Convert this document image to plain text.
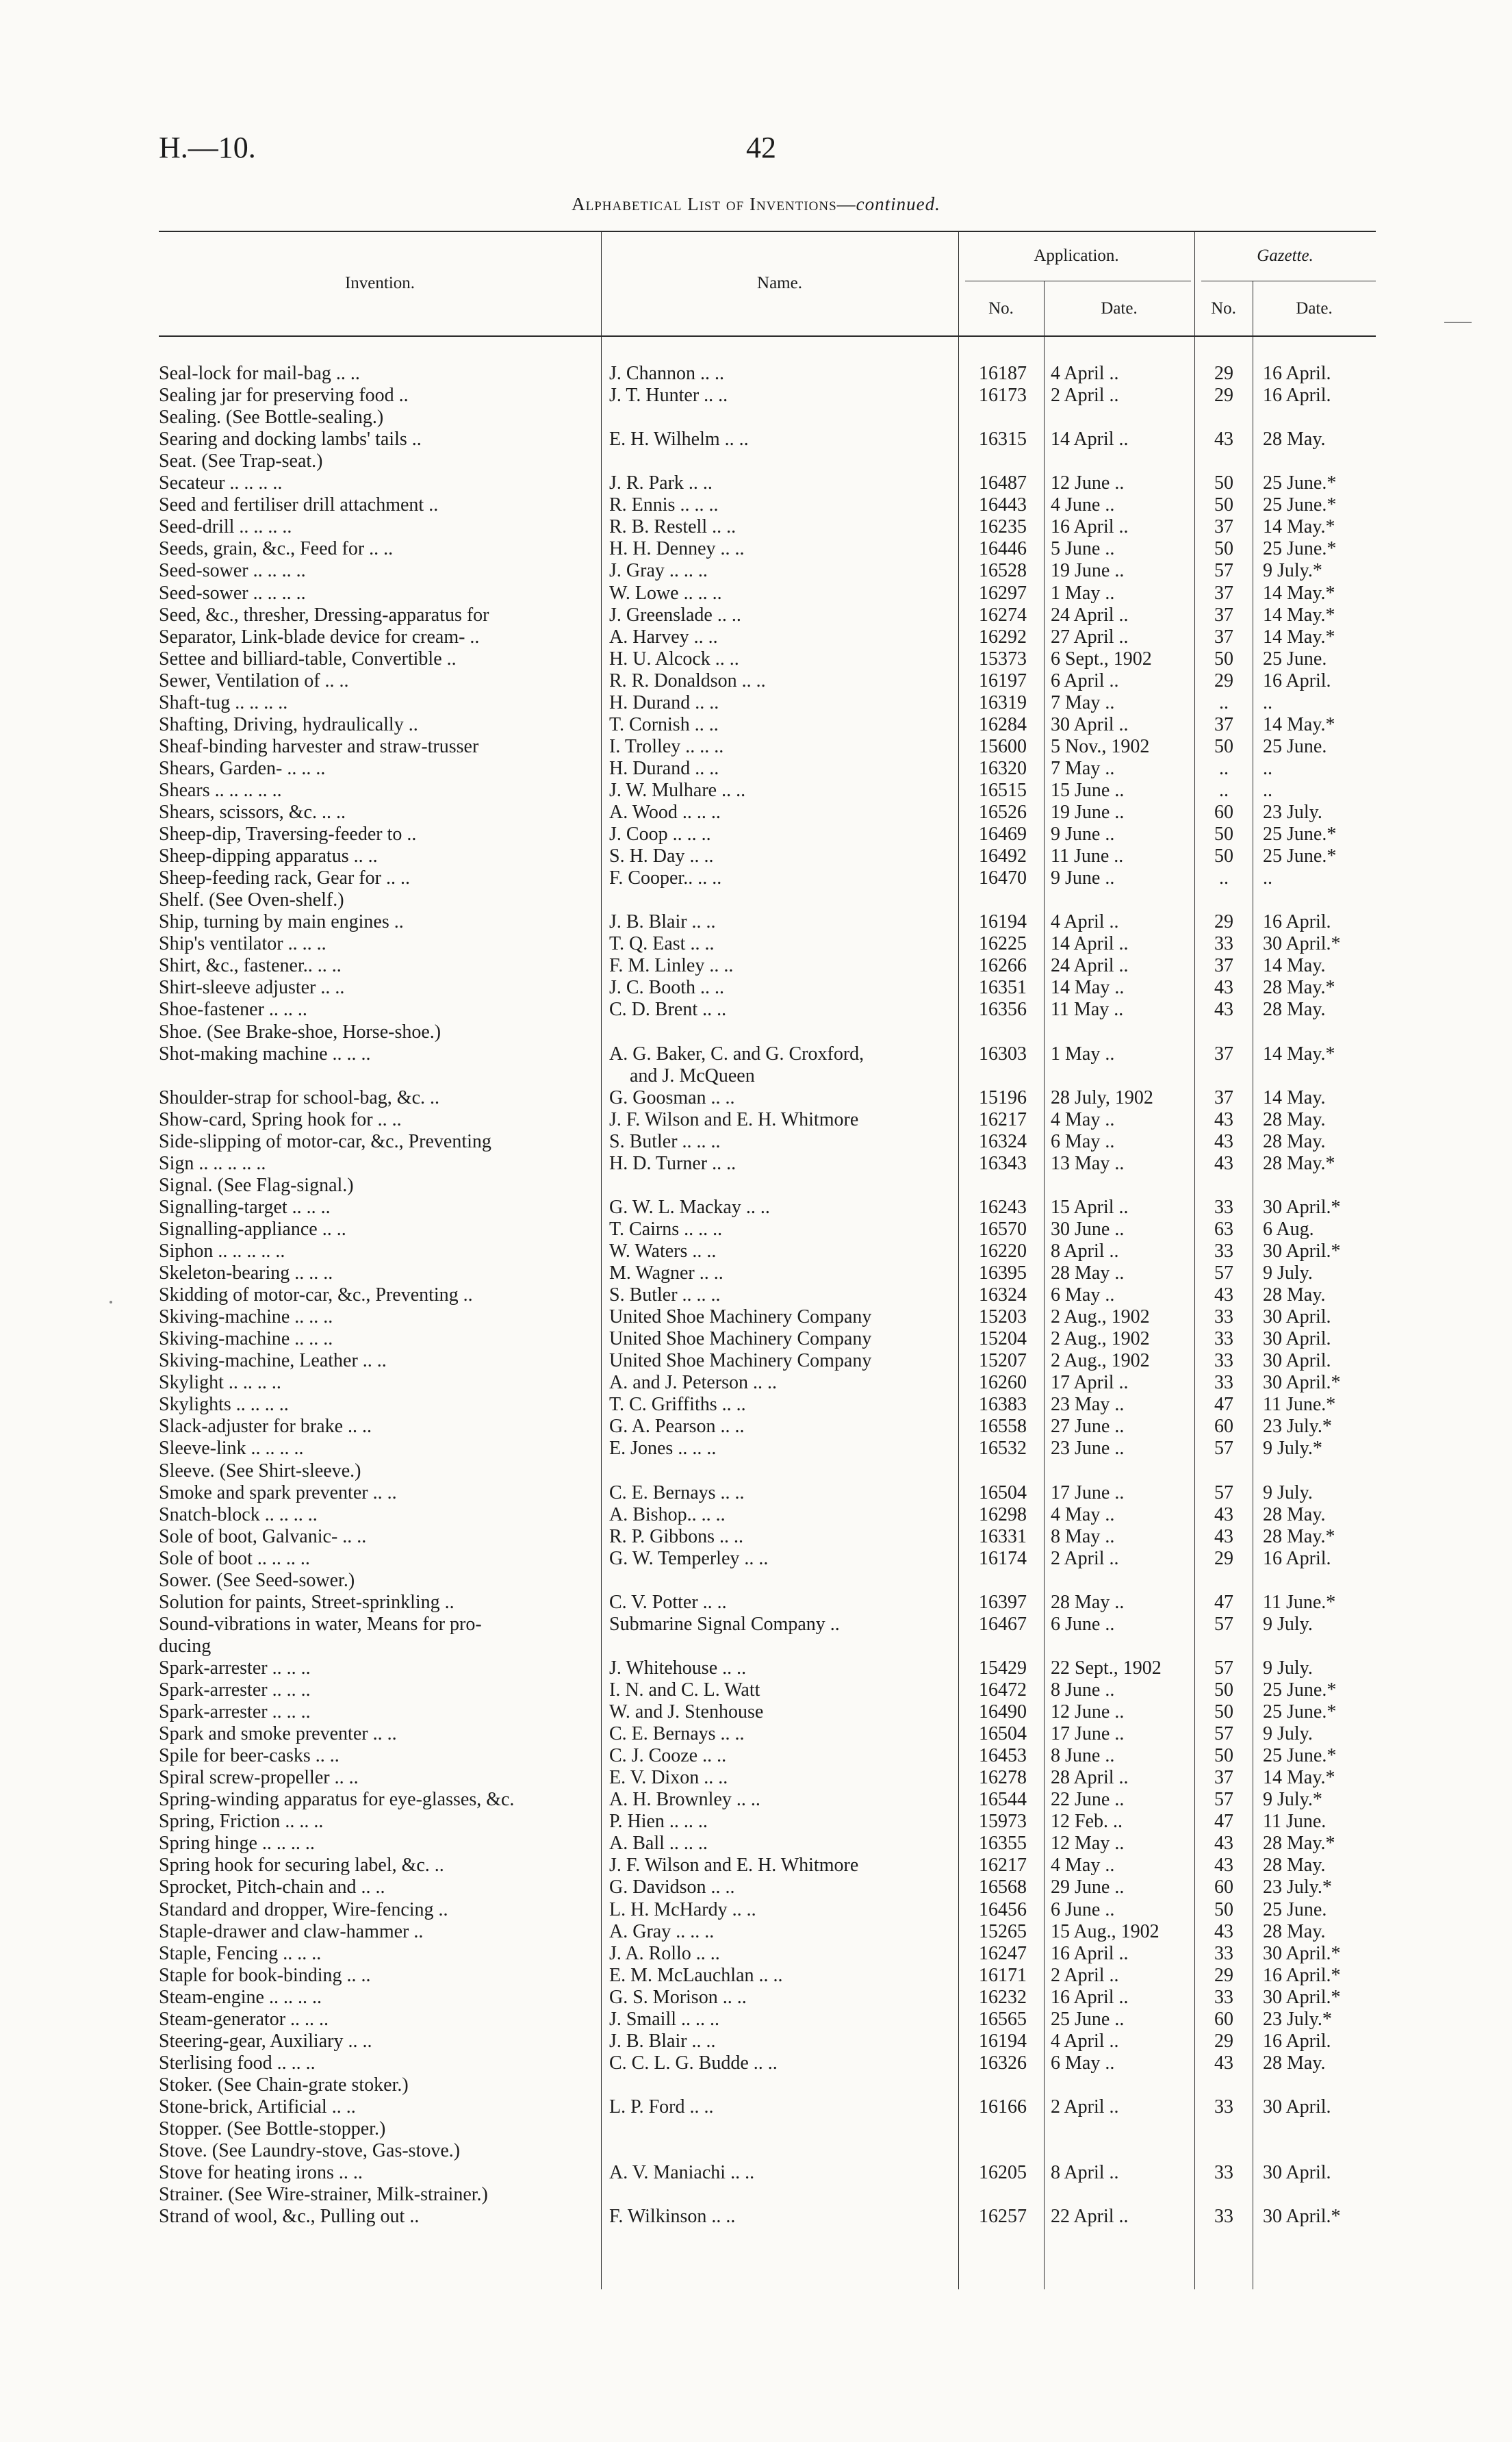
H.—10.	42
Alphabetical List of Inventions—continued.
Invention.	Name.
Application.	Gazette.
No.	Date.	No.	Date.
Seal-lock for mail-bag .. ..	J. Channon .. ..	16187	4 April ..	29	16 April.
Sealing jar for preserving food ..	J. T. Hunter .. ..	16173	2 April ..	29	16 April.
Sealing. (See Bottle-sealing.)
Searing and docking lambs' tails ..	E. H. Wilhelm .. ..	16315	14 April ..	43	28 May.
Seat. (See Trap-seat.)
Secateur .. .. .. ..	J. R. Park .. ..	16487	12 June ..	50	25 June.*
Seed and fertiliser drill attachment ..	R. Ennis .. .. ..	16443	4 June ..	50	25 June.*
Seed-drill .. .. .. ..	R. B. Restell .. ..	16235	16 April ..	37	14 May.*
Seeds, grain, &c., Feed for .. ..	H. H. Denney .. ..	16446	5 June ..	50	25 June.*
Seed-sower .. .. .. ..	J. Gray .. .. ..	16528	19 June ..	57	9 July.*
Seed-sower .. .. .. ..	W. Lowe .. .. ..	16297	1 May ..	37	14 May.*
Seed, &c., thresher, Dressing-apparatus for	J. Greenslade .. ..	16274	24 April ..	37	14 May.*
Separator, Link-blade device for cream- ..	A. Harvey .. ..	16292	27 April ..	37	14 May.*
Settee and billiard-table, Convertible ..	H. U. Alcock .. ..	15373	6 Sept., 1902	50	25 June.
Sewer, Ventilation of .. ..	R. R. Donaldson .. ..	16197	6 April ..	29	16 April.
Shaft-tug .. .. .. ..	H. Durand .. ..	16319	7 May ..	..	..
Shafting, Driving, hydraulically ..	T. Cornish .. ..	16284	30 April ..	37	14 May.*
Sheaf-binding harvester and straw-trusser	I. Trolley .. .. ..	15600	5 Nov., 1902	50	25 June.
Shears, Garden- .. .. ..	H. Durand .. ..	16320	7 May ..	..	..
Shears .. .. .. .. ..	J. W. Mulhare .. ..	16515	15 June ..	..	..
Shears, scissors, &c. .. ..	A. Wood .. .. ..	16526	19 June ..	60	23 July.
Sheep-dip, Traversing-feeder to ..	J. Coop .. .. ..	16469	9 June ..	50	25 June.*
Sheep-dipping apparatus .. ..	S. H. Day .. ..	16492	11 June ..	50	25 June.*
Sheep-feeding rack, Gear for .. ..	F. Cooper.. .. ..	16470	9 June ..	..	..
Shelf. (See Oven-shelf.)
Ship, turning by main engines ..	J. B. Blair .. ..	16194	4 April ..	29	16 April.
Ship's ventilator .. .. ..	T. Q. East .. ..	16225	14 April ..	33	30 April.*
Shirt, &c., fastener.. .. ..	F. M. Linley .. ..	16266	24 April ..	37	14 May.
Shirt-sleeve adjuster .. ..	J. C. Booth .. ..	16351	14 May ..	43	28 May.*
Shoe-fastener .. .. ..	C. D. Brent .. ..	16356	11 May ..	43	28 May.
Shoe. (See Brake-shoe, Horse-shoe.)
Shot-making machine .. .. ..	A. G. Baker, C. and G. Croxford,	16303	1 May ..	37	14 May.*
and J. McQueen
Shoulder-strap for school-bag, &c. ..	G. Goosman .. ..	15196	28 July, 1902	37	14 May.
Show-card, Spring hook for .. ..	J. F. Wilson and E. H. Whitmore	16217	4 May ..	43	28 May.
Side-slipping of motor-car, &c., Preventing	S. Butler .. .. ..	16324	6 May ..	43	28 May.
Sign .. .. .. .. ..	H. D. Turner .. ..	16343	13 May ..	43	28 May.*
Signal. (See Flag-signal.)
Signalling-target .. .. ..	G. W. L. Mackay .. ..	16243	15 April ..	33	30 April.*
Signalling-appliance .. ..	T. Cairns .. .. ..	16570	30 June ..	63	6 Aug.
Siphon .. .. .. .. ..	W. Waters .. ..	16220	8 April ..	33	30 April.*
Skeleton-bearing .. .. ..	M. Wagner .. ..	16395	28 May ..	57	9 July.
Skidding of motor-car, &c., Preventing ..	S. Butler .. .. ..	16324	6 May ..	43	28 May.
Skiving-machine .. .. ..	United Shoe Machinery Company	15203	2 Aug., 1902	33	30 April.
Skiving-machine .. .. ..	United Shoe Machinery Company	15204	2 Aug., 1902	33	30 April.
Skiving-machine, Leather .. ..	United Shoe Machinery Company	15207	2 Aug., 1902	33	30 April.
Skylight .. .. .. ..	A. and J. Peterson .. ..	16260	17 April ..	33	30 April.*
Skylights .. .. .. ..	T. C. Griffiths .. ..	16383	23 May ..	47	11 June.*
Slack-adjuster for brake .. ..	G. A. Pearson .. ..	16558	27 June ..	60	23 July.*
Sleeve-link .. .. .. ..	E. Jones .. .. ..	16532	23 June ..	57	9 July.*
Sleeve. (See Shirt-sleeve.)
Smoke and spark preventer .. ..	C. E. Bernays .. ..	16504	17 June ..	57	9 July.
Snatch-block .. .. .. ..	A. Bishop.. .. ..	16298	4 May ..	43	28 May.
Sole of boot, Galvanic- .. ..	R. P. Gibbons .. ..	16331	8 May ..	43	28 May.*
Sole of boot .. .. .. ..	G. W. Temperley .. ..	16174	2 April ..	29	16 April.
Sower. (See Seed-sower.)
Solution for paints, Street-sprinkling ..	C. V. Potter .. ..	16397	28 May ..	47	11 June.*
Sound-vibrations in water, Means for pro-	Submarine Signal Company ..	16467	6 June ..	57	9 July.
ducing
Spark-arrester .. .. ..	J. Whitehouse .. ..	15429	22 Sept., 1902	57	9 July.
Spark-arrester .. .. ..	I. N. and C. L. Watt	16472	8 June ..	50	25 June.*
Spark-arrester .. .. ..	W. and J. Stenhouse	16490	12 June ..	50	25 June.*
Spark and smoke preventer .. ..	C. E. Bernays .. ..	16504	17 June ..	57	9 July.
Spile for beer-casks .. ..	C. J. Cooze .. ..	16453	8 June ..	50	25 June.*
Spiral screw-propeller .. ..	E. V. Dixon .. ..	16278	28 April ..	37	14 May.*
Spring-winding apparatus for eye-glasses, &c.	A. H. Brownley .. ..	16544	22 June ..	57	9 July.*
Spring, Friction .. .. ..	P. Hien .. .. ..	15973	12 Feb. ..	47	11 June.
Spring hinge .. .. .. ..	A. Ball .. .. ..	16355	12 May ..	43	28 May.*
Spring hook for securing label, &c. ..	J. F. Wilson and E. H. Whitmore	16217	4 May ..	43	28 May.
Sprocket, Pitch-chain and .. ..	G. Davidson .. ..	16568	29 June ..	60	23 July.*
Standard and dropper, Wire-fencing ..	L. H. McHardy .. ..	16456	6 June ..	50	25 June.
Staple-drawer and claw-hammer ..	A. Gray .. .. ..	15265	15 Aug., 1902	43	28 May.
Staple, Fencing .. .. ..	J. A. Rollo .. ..	16247	16 April ..	33	30 April.*
Staple for book-binding .. ..	E. M. McLauchlan .. ..	16171	2 April ..	29	16 April.*
Steam-engine .. .. .. ..	G. S. Morison .. ..	16232	16 April ..	33	30 April.*
Steam-generator .. .. ..	J. Smaill .. .. ..	16565	25 June ..	60	23 July.*
Steering-gear, Auxiliary .. ..	J. B. Blair .. ..	16194	4 April ..	29	16 April.
Sterlising food .. .. ..	C. C. L. G. Budde .. ..	16326	6 May ..	43	28 May.
Stoker. (See Chain-grate stoker.)
Stone-brick, Artificial .. ..	L. P. Ford .. ..	16166	2 April ..	33	30 April.
Stopper. (See Bottle-stopper.)
Stove. (See Laundry-stove, Gas-stove.)
Stove for heating irons .. ..	A. V. Maniachi .. ..	16205	8 April ..	33	30 April.
Strainer. (See Wire-strainer, Milk-strainer.)
Strand of wool, &c., Pulling out ..	F. Wilkinson .. ..	16257	22 April ..	33	30 April.*
